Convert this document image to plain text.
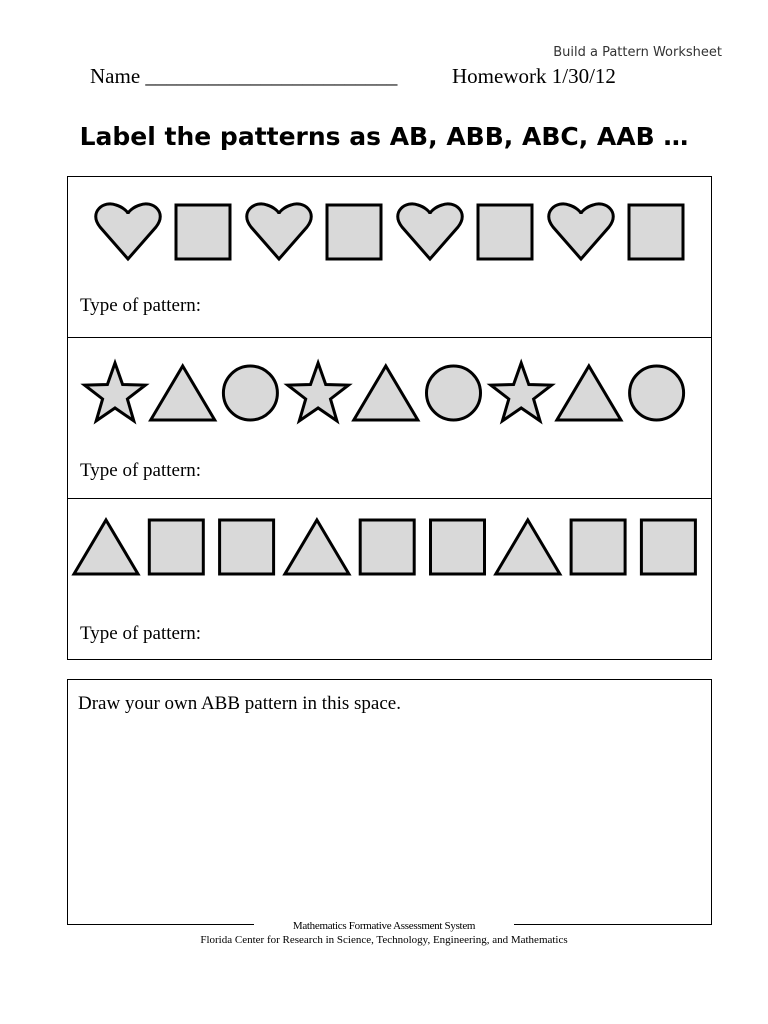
Build a Pattern Worksheet
Name ________________________	Homework 1/30/12
Label the patterns as AB, ABB, ABC, AAB …
Type of pattern:
Type of pattern:
Type of pattern:
Draw your own ABB pattern in this space.
Mathematics Formative Assessment System
Florida Center for Research in Science, Technology, Engineering, and Mathematics
